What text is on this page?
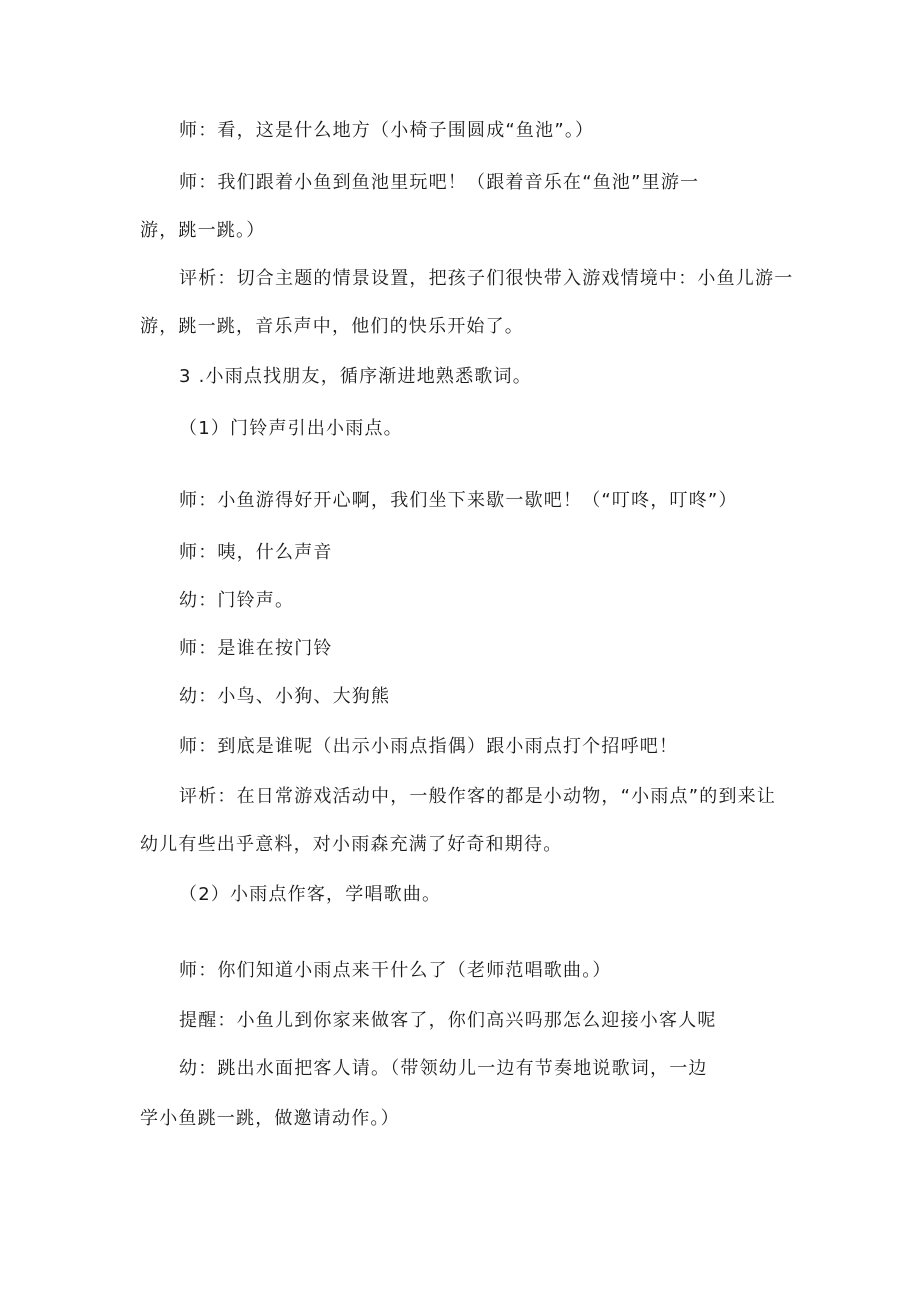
师：看，这是什么地方（小椅子围圆成“鱼池”。）
师：我们跟着小鱼到鱼池里玩吧！（跟着音乐在“鱼池”里游一
游，跳一跳。）
评析：切合主题的情景设置，把孩子们很快带入游戏情境中：小鱼儿游一
游，跳一跳，音乐声中，他们的快乐开始了。
3 .小雨点找朋友，循序渐进地熟悉歌词。
（1）门铃声引出小雨点。
师：小鱼游得好开心啊，我们坐下来歇一歇吧！（“叮咚，叮咚”）
师：咦，什么声音
幼：门铃声。
师：是谁在按门铃
幼：小鸟、小狗、大狗熊
师：到底是谁呢（出示小雨点指偶）跟小雨点打个招呼吧！
评析：在日常游戏活动中，一般作客的都是小动物，“小雨点”的到来让
幼儿有些出乎意料，对小雨森充满了好奇和期待。
（2）小雨点作客，学唱歌曲。
师：你们知道小雨点来干什么了（老师范唱歌曲。）
提醒：小鱼儿到你家来做客了，你们高兴吗那怎么迎接小客人呢
幼：跳出水面把客人请。（带领幼儿一边有节奏地说歌词，一边
学小鱼跳一跳，做邀请动作。）
